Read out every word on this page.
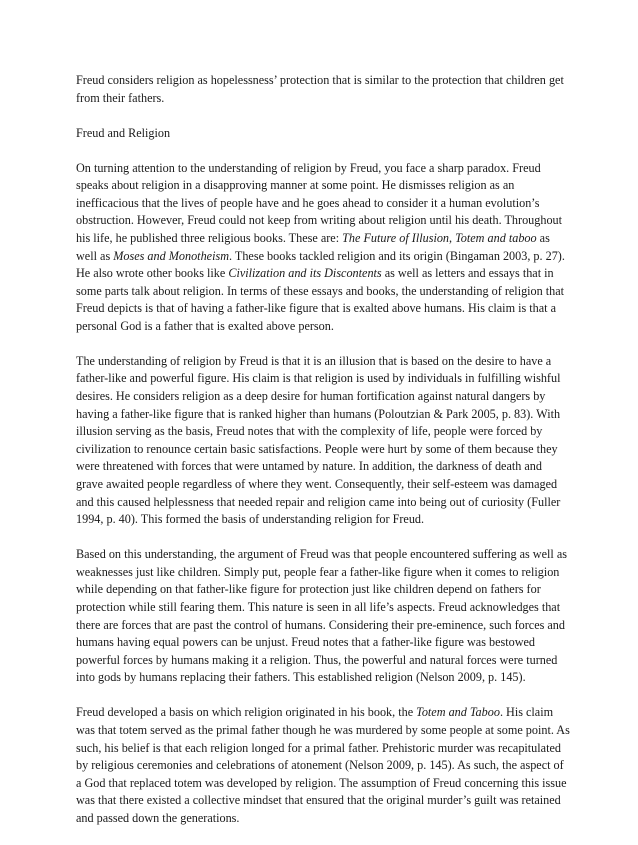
Freud considers religion as hopelessness’ protection that is similar to the protection that children get from their fathers.

Freud and Religion

On turning attention to the understanding of religion by Freud, you face a sharp paradox. Freud speaks about religion in a disapproving manner at some point. He dismisses religion as an inefficacious that the lives of people have and he goes ahead to consider it a human evolution’s obstruction. However, Freud could not keep from writing about religion until his death. Throughout his life, he published three religious books. These are: The Future of Illusion, Totem and taboo as well as Moses and Monotheism. These books tackled religion and its origin (Bingaman 2003, p. 27). He also wrote other books like Civilization and its Discontents as well as letters and essays that in some parts talk about religion. In terms of these essays and books, the understanding of religion that Freud depicts is that of having a father-like figure that is exalted above humans. His claim is that a personal God is a father that is exalted above person.

The understanding of religion by Freud is that it is an illusion that is based on the desire to have a father-like and powerful figure. His claim is that religion is used by individuals in fulfilling wishful desires. He considers religion as a deep desire for human fortification against natural dangers by having a father-like figure that is ranked higher than humans (Poloutzian & Park 2005, p. 83). With illusion serving as the basis, Freud notes that with the complexity of life, people were forced by civilization to renounce certain basic satisfactions. People were hurt by some of them because they were threatened with forces that were untamed by nature. In addition, the darkness of death and grave awaited people regardless of where they went. Consequently, their self-esteem was damaged and this caused helplessness that needed repair and religion came into being out of curiosity (Fuller 1994, p. 40). This formed the basis of understanding religion for Freud.

Based on this understanding, the argument of Freud was that people encountered suffering as well as weaknesses just like children. Simply put, people fear a father-like figure when it comes to religion while depending on that father-like figure for protection just like children depend on fathers for protection while still fearing them. This nature is seen in all life’s aspects. Freud acknowledges that there are forces that are past the control of humans. Considering their pre-eminence, such forces and humans having equal powers can be unjust. Freud notes that a father-like figure was bestowed powerful forces by humans making it a religion. Thus, the powerful and natural forces were turned into gods by humans replacing their fathers. This established religion (Nelson 2009, p. 145).

Freud developed a basis on which religion originated in his book, the Totem and Taboo. His claim was that totem served as the primal father though he was murdered by some people at some point. As such, his belief is that each religion longed for a primal father. Prehistoric murder was recapitulated by religious ceremonies and celebrations of atonement (Nelson 2009, p. 145). As such, the aspect of a God that replaced totem was developed by religion. The assumption of Freud concerning this issue was that there existed a collective mindset that ensured that the original murder’s guilt was retained and passed down the generations.
